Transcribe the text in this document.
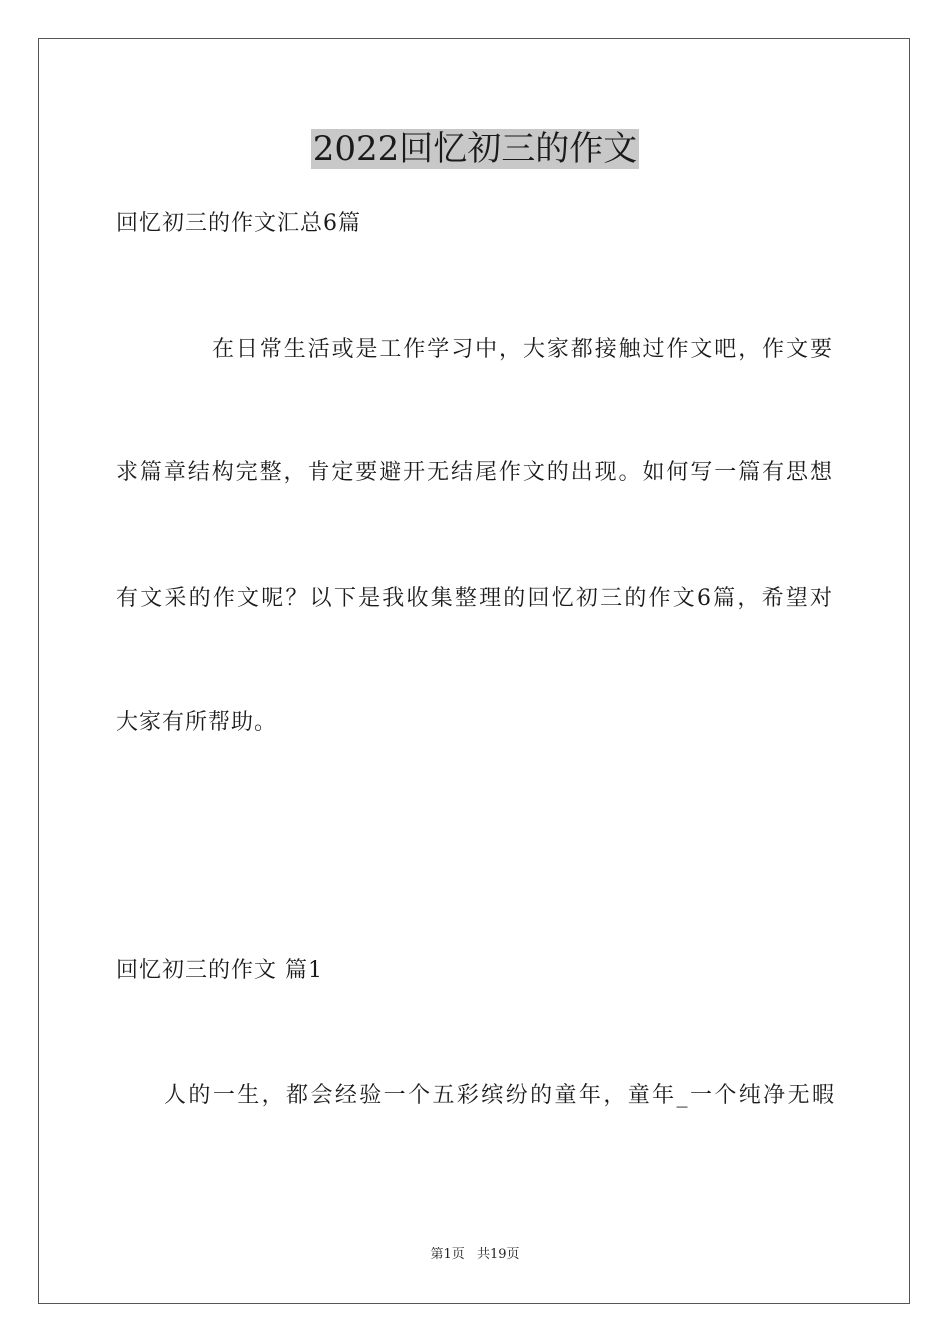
2022回忆初三的作文

回忆初三的作文汇总6篇

在日常生活或是工作学习中，大家都接触过作文吧，作文要

求篇章结构完整，肯定要避开无结尾作文的出现。如何写一篇有思想

有文采的作文呢？以下是我收集整理的回忆初三的作文6篇，希望对

大家有所帮助。

回忆初三的作文 篇1

人的一生，都会经验一个五彩缤纷的童年，童年_一个纯净无暇

第1页 共19页
